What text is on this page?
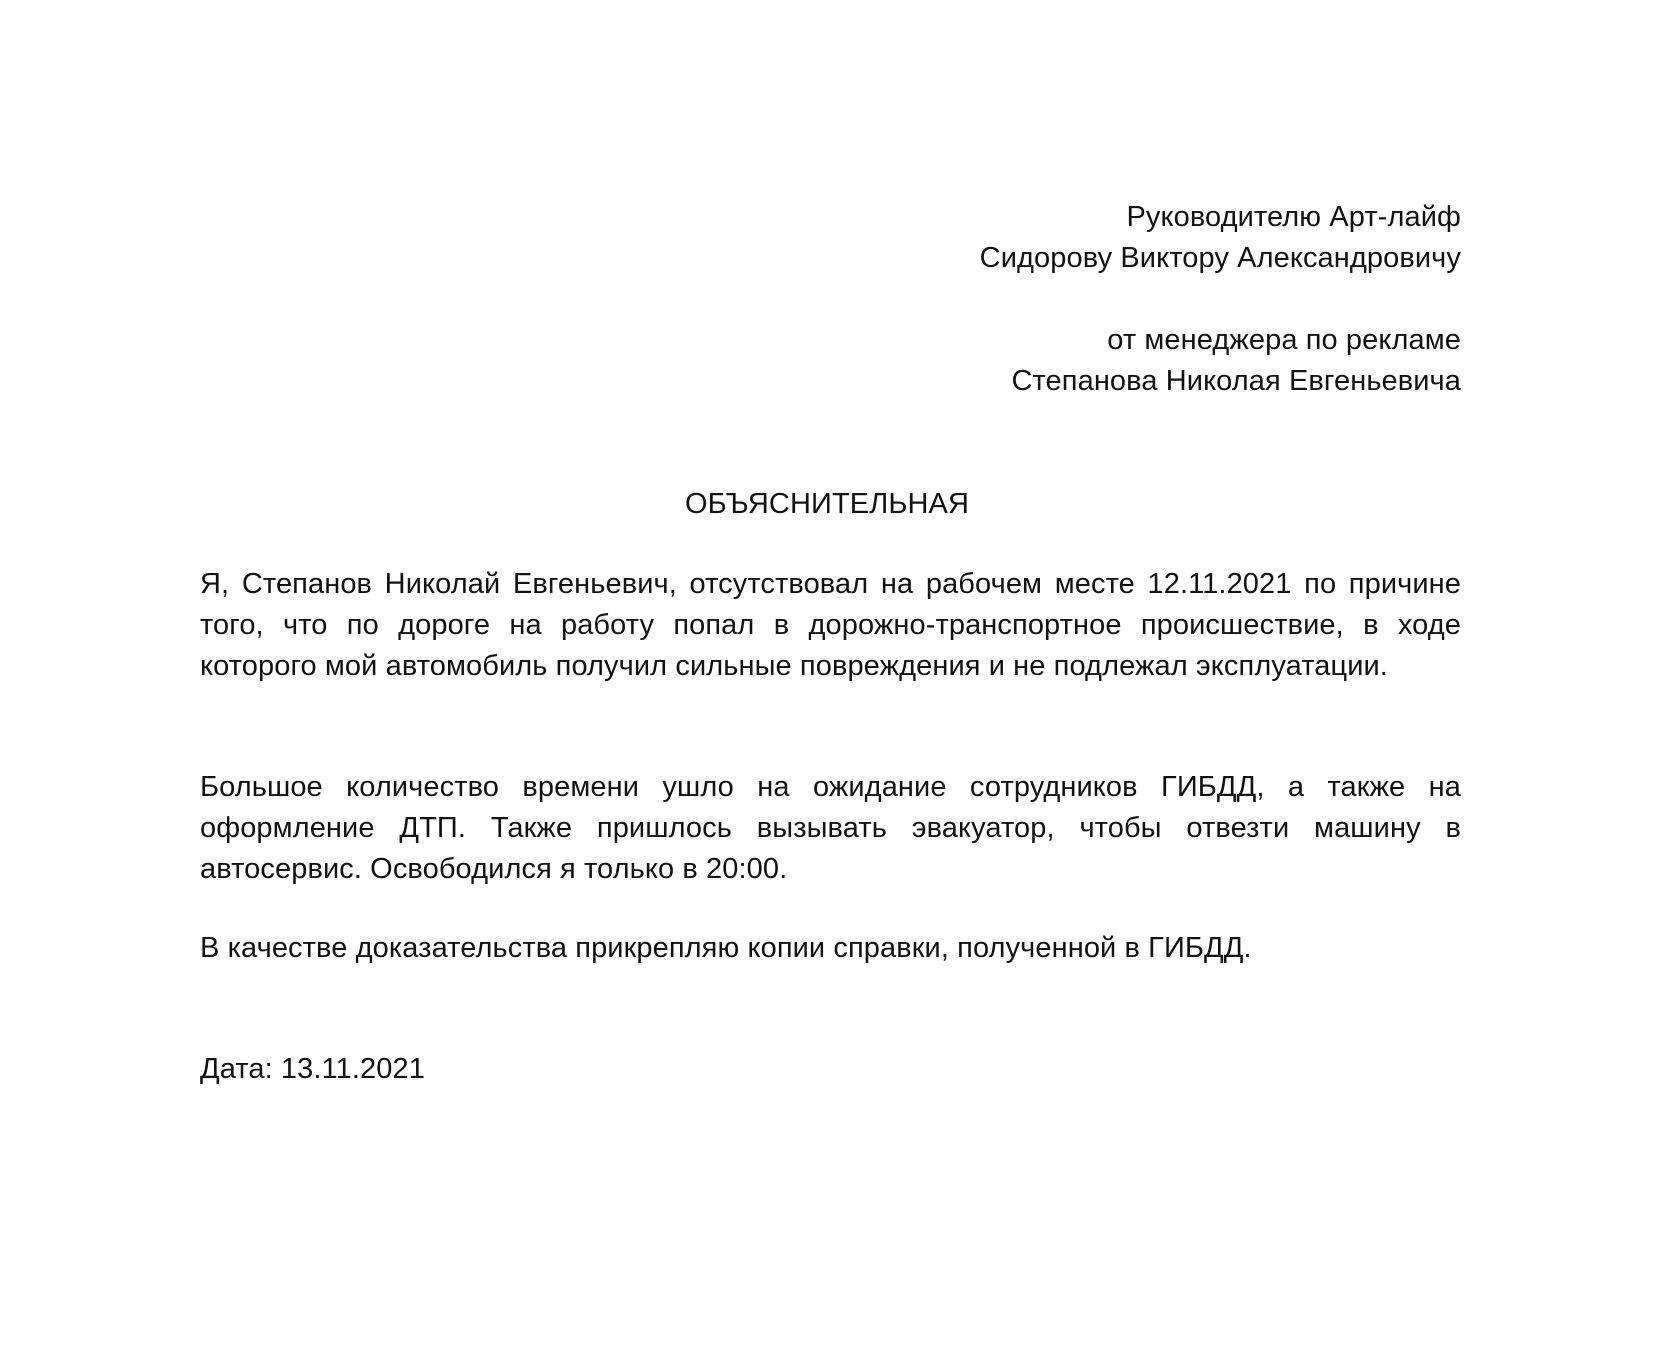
Руководителю Арт-лайф
Сидорову Виктору Александровичу
от менеджера по рекламе
Степанова Николая Евгеньевича
ОБЪЯСНИТЕЛЬНАЯ

Я, Степанов Николай Евгеньевич, отсутствовал на рабочем месте 12.11.2021 по причине того, что по дороге на работу попал в дорожно-транспортное происшествие, в ходе которого мой автомобиль получил сильные повреждения и не подлежал эксплуатации.

Большое количество времени ушло на ожидание сотрудников ГИБДД, а также на оформление ДТП. Также пришлось вызывать эвакуатор, чтобы отвезти машину в автосервис. Освободился я только в 20:00.

В качестве доказательства прикрепляю копии справки, полученной в ГИБДД.

Дата: 13.11.2021
